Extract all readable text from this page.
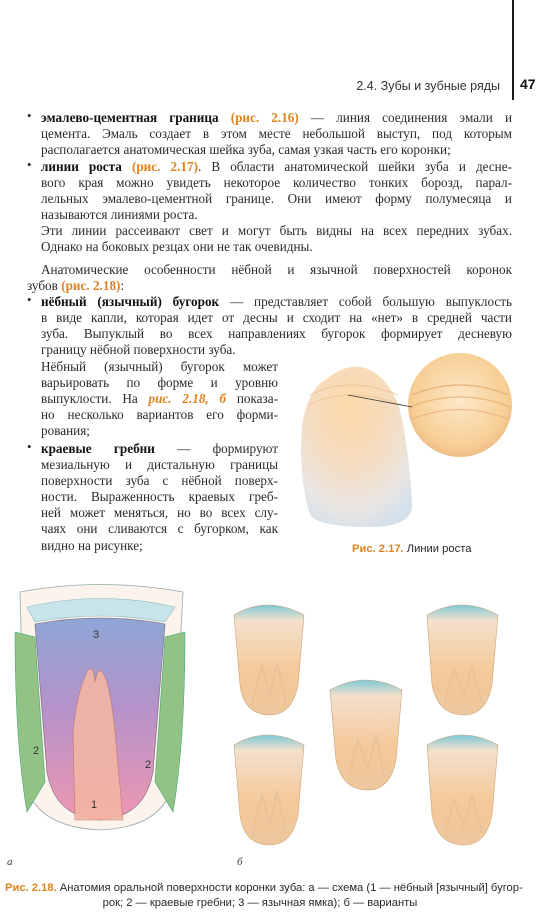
2.4. Зубы и зубные ряды 47
• эмалево-цементная граница (рис. 2.16) — линия соединения эмали и
цемента. Эмаль создает в этом месте небольшой выступ, под которым
располагается анатомическая шейка зуба, самая узкая часть его коронки;
• линии роста (рис. 2.17). В области анатомической шейки зуба и десне-
вого края можно увидеть некоторое количество тонких борозд, парал-
лельных эмалево-цементной границе. Они имеют форму полумесяца и
называются линиями роста.
Эти линии рассеивают свет и могут быть видны на всех передних зубах.
Однако на боковых резцах они не так очевидны.
Анатомические особенности нёбной и язычной поверхностей коронок
зубов (рис. 2.18):
• нёбный (язычный) бугорок — представляет собой большую выпуклость
в виде капли, которая идет от десны и сходит на «нет» в средней части
зуба. Выпуклый во всех направлениях бугорок формирует десневую
границу нёбной поверхности зуба.
Нёбный (язычный) бугорок может
варьировать по форме и уровню
выпуклости. На рис. 2.18, б показа-
но несколько вариантов его форми-
рования;
• краевые гребни — формируют
мезиальную и дистальную границы
поверхности зуба с нёбной поверх-
ности. Выраженность краевых греб-
ней может меняться, но во всех слу-
чаях они сливаются с бугорком, как
видно на рисунке;	Рис. 2.17. Линии роста
3
2
2
1
а	б
Рис. 2.18. Анатомия оральной поверхности коронки зуба: а — схема (1 — нёбный [язычный] бугор-
рок; 2 — краевые гребни; 3 — язычная ямка); б — варианты
